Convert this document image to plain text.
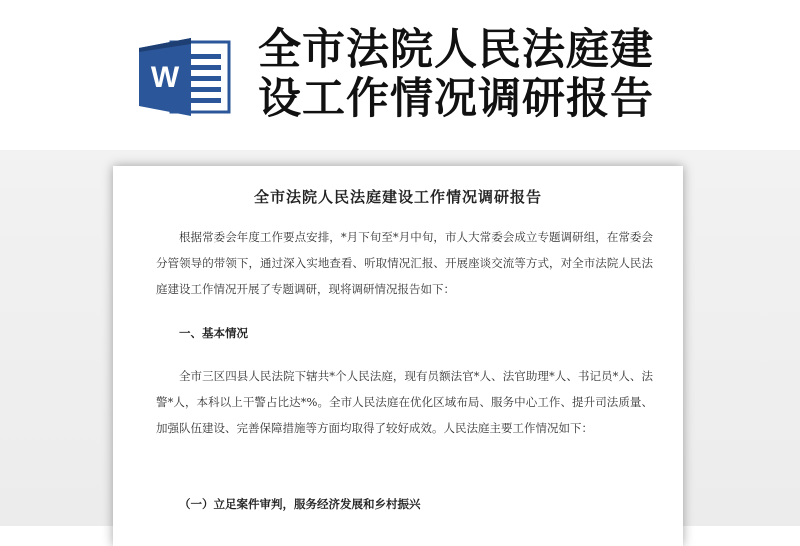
W
全市法院人民法庭建
设工作情况调研报告
全市法院人民法庭建设工作情况调研报告
根据常委会年度工作要点安排，*月下旬至*月中旬，市人大常委会成立专题调研组，在常委会分管领导的带领下，通过深入实地查看、听取情况汇报、开展座谈交流等方式，对全市法院人民法庭建设工作情况开展了专题调研，现将调研情况报告如下：
一、基本情况
全市三区四县人民法院下辖共*个人民法庭，现有员额法官*人、法官助理*人、书记员*人、法警*人，本科以上干警占比达*%。全市人民法庭在优化区域布局、服务中心工作、提升司法质量、加强队伍建设、完善保障措施等方面均取得了较好成效。人民法庭主要工作情况如下：
（一）立足案件审判，服务经济发展和乡村振兴
